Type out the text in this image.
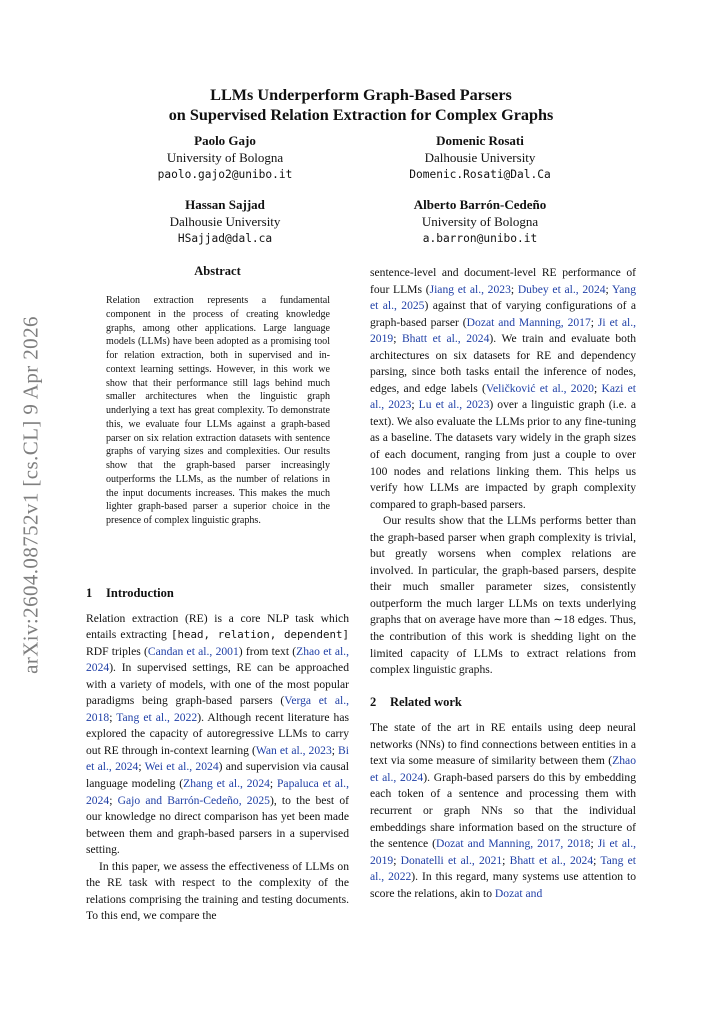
arXiv:2604.08752v1 [cs.CL] 9 Apr 2026
LLMs Underperform Graph-Based Parsers
on Supervised Relation Extraction for Complex Graphs
Paolo Gajo
University of Bologna
paolo.gajo2@unibo.it
Domenic Rosati
Dalhousie University
Domenic.Rosati@Dal.Ca
Hassan Sajjad
Dalhousie University
HSajjad@dal.ca
Alberto Barrón-Cedeño
University of Bologna
a.barron@unibo.it
Abstract

Relation extraction represents a fundamental component in the process of creating knowledge graphs, among other applications. Large language models (LLMs) have been adopted as a promising tool for relation extraction, both in supervised and in-context learning settings. However, in this work we show that their performance still lags behind much smaller architectures when the linguistic graph underlying a text has great complexity. To demonstrate this, we evaluate four LLMs against a graph-based parser on six relation extraction datasets with sentence graphs of varying sizes and complexities. Our results show that the graph-based parser increasingly outperforms the LLMs, as the number of relations in the input documents increases. This makes the much lighter graph-based parser a superior choice in the presence of complex linguistic graphs.

1 Introduction

Relation extraction (RE) is a core NLP task which entails extracting [head, relation, dependent] RDF triples (Candan et al., 2001) from text (Zhao et al., 2024). In supervised settings, RE can be approached with a variety of models, with one of the most popular paradigms being graph-based parsers (Verga et al., 2018; Tang et al., 2022). Although recent literature has explored the capacity of autoregressive LLMs to carry out RE through in-context learning (Wan et al., 2023; Bi et al., 2024; Wei et al., 2024) and supervision via causal language modeling (Zhang et al., 2024; Papaluca et al., 2024; Gajo and Barrón-Cedeño, 2025), to the best of our knowledge no direct comparison has yet been made between them and graph-based parsers in a supervised setting.

In this paper, we assess the effectiveness of LLMs on the RE task with respect to the complexity of the relations comprising the training and testing documents. To this end, we compare the

sentence-level and document-level RE performance of four LLMs (Jiang et al., 2023; Dubey et al., 2024; Yang et al., 2025) against that of varying configurations of a graph-based parser (Dozat and Manning, 2017; Ji et al., 2019; Bhatt et al., 2024). We train and evaluate both architectures on six datasets for RE and dependency parsing, since both tasks entail the inference of nodes, edges, and edge labels (Veličković et al., 2020; Kazi et al., 2023; Lu et al., 2023) over a linguistic graph (i.e. a text). We also evaluate the LLMs prior to any fine-tuning as a baseline. The datasets vary widely in the graph sizes of each document, ranging from just a couple to over 100 nodes and relations linking them. This helps us verify how LLMs are impacted by graph complexity compared to graph-based parsers.

Our results show that the LLMs performs better than the graph-based parser when graph complexity is trivial, but greatly worsens when complex relations are involved. In particular, the graph-based parsers, despite their much smaller parameter sizes, consistently outperform the much larger LLMs on texts underlying graphs that on average have more than ∼18 edges. Thus, the contribution of this work is shedding light on the limited capacity of LLMs to extract relations from complex linguistic graphs.

2 Related work

The state of the art in RE entails using deep neural networks (NNs) to find connections between entities in a text via some measure of similarity between them (Zhao et al., 2024). Graph-based parsers do this by embedding each token of a sentence and processing them with recurrent or graph NNs so that the individual embeddings share information based on the structure of the sentence (Dozat and Manning, 2017, 2018; Ji et al., 2019; Donatelli et al., 2021; Bhatt et al., 2024; Tang et al., 2022). In this regard, many systems use attention to score the relations, akin to Dozat and
